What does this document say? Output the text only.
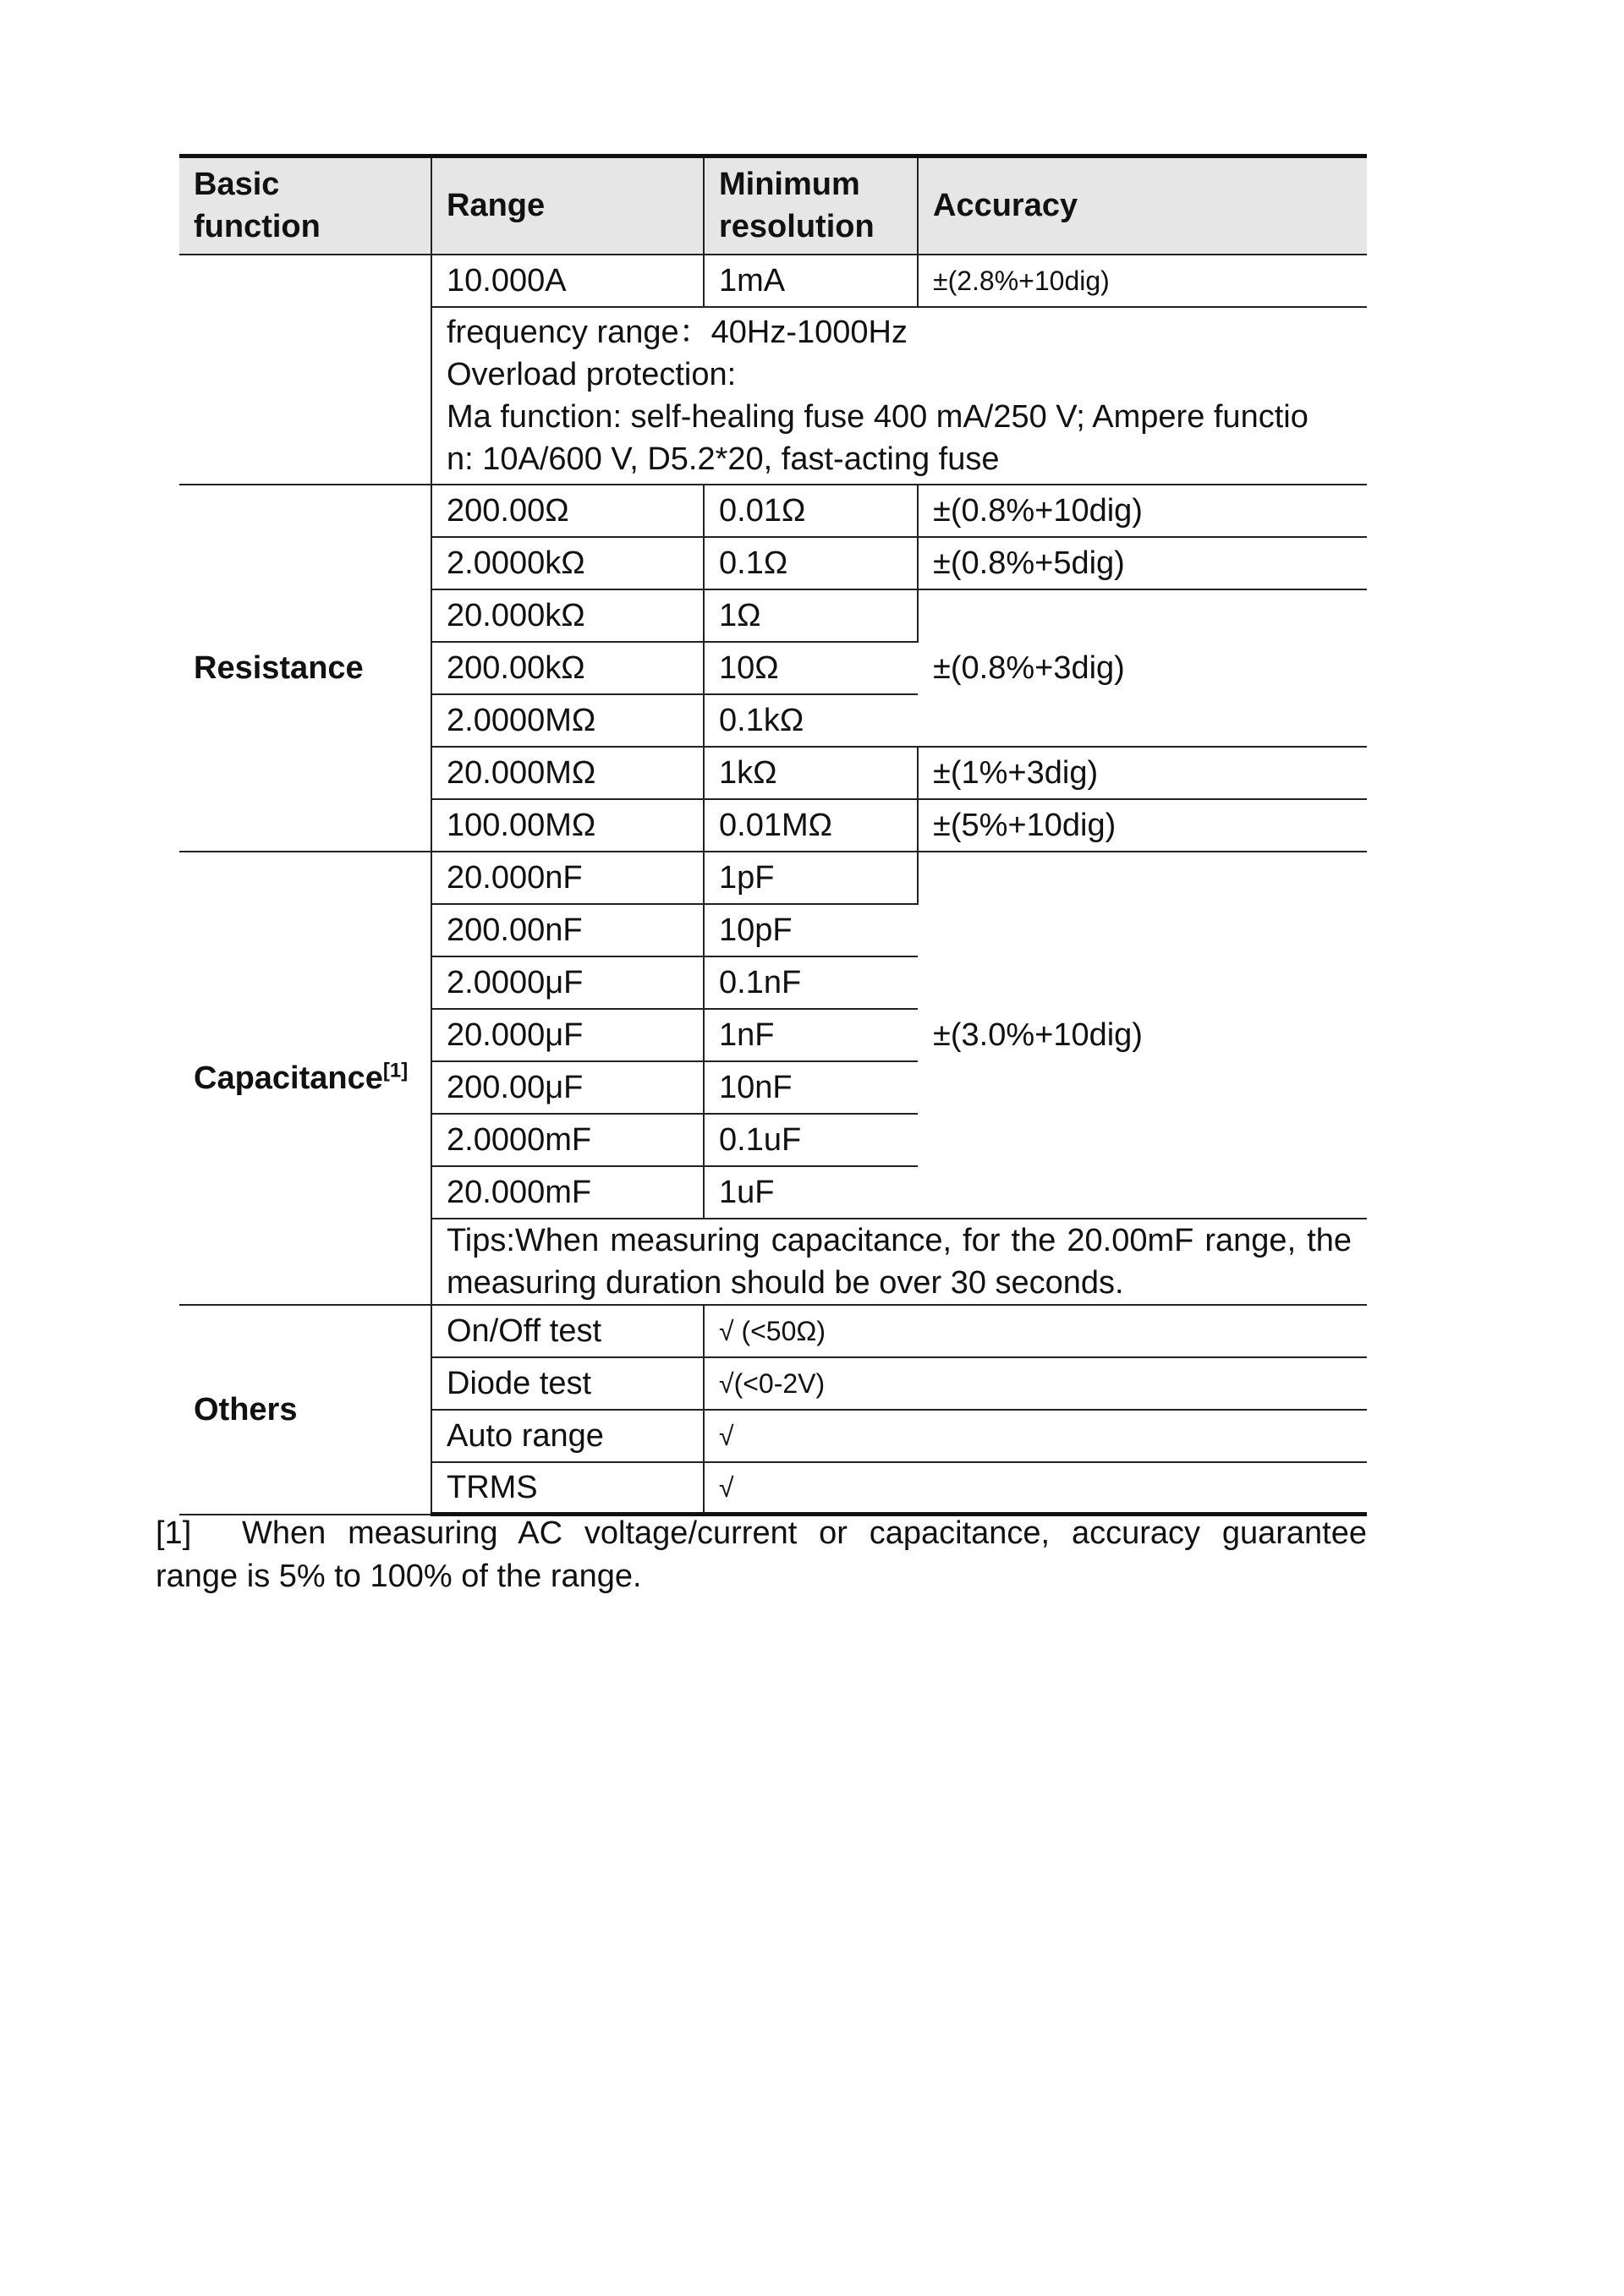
Basic function	Range	Minimum resolution	Accuracy
	10.000A	1mA	±(2.8%+10dig)

	frequency range：40Hz-1000Hz
Overload protection:
Ma function: self-healing fuse 400 mA/250 V; Ampere functio
n: 10A/600 V, D5.2*20, fast-acting fuse		

Resistance	200.00Ω	0.01Ω	±(0.8%+10dig)
	2.0000kΩ	0.1Ω	±(0.8%+5dig)
	20.000kΩ	1Ω	±(0.8%+3dig)
	200.00kΩ	10Ω	
	2.0000MΩ	0.1kΩ	
	20.000MΩ	1kΩ	±(1%+3dig)
	100.00MΩ	0.01MΩ	±(5%+10dig)
Capacitance[1]	20.000nF	1pF	±(3.0%+10dig)
	200.00nF	10pF	
	2.0000μF	0.1nF	
	20.000μF	1nF	
	200.00μF	10nF	
	2.0000mF	0.1uF	
	20.000mF	1uF	
	Tips:When measuring capacitance, for the 20.00mF range, the measuring duration should be over 30 seconds.		
Others	On/Off test	√ (<50Ω)	
	Diode test	√(<0-2V)	
	Auto range	√	
	TRMS	√	
[1] When measuring AC voltage/current or capacitance, accuracy guarantee range is 5% to 100% of the range.
